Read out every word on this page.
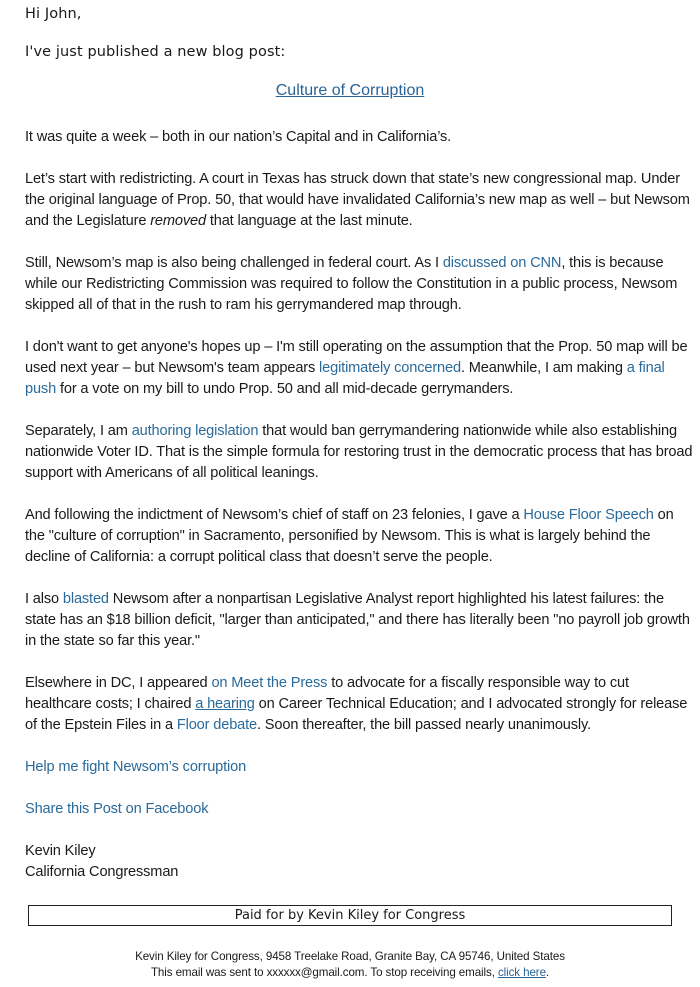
Hi John,
I've just published a new blog post:
Culture of Corruption

It was quite a week – both in our nation’s Capital and in California’s.

Let’s start with redistricting. A court in Texas has struck down that state’s new congressional map. Under the original language of Prop. 50, that would have invalidated California’s new map as well – but Newsom and the Legislature removed that language at the last minute.

Still, Newsom’s map is also being challenged in federal court. As I discussed on CNN, this is because while our Redistricting Commission was required to follow the Constitution in a public process, Newsom skipped all of that in the rush to ram his gerrymandered map through.

I don't want to get anyone's hopes up – I'm still operating on the assumption that the Prop. 50 map will be used next year – but Newsom's team appears legitimately concerned. Meanwhile, I am making a final push for a vote on my bill to undo Prop. 50 and all mid-decade gerrymanders.

Separately, I am authoring legislation that would ban gerrymandering nationwide while also establishing nationwide Voter ID. That is the simple formula for restoring trust in the democratic process that has broad support with Americans of all political leanings.

And following the indictment of Newsom’s chief of staff on 23 felonies, I gave a House Floor Speech on the "culture of corruption" in Sacramento, personified by Newsom. This is what is largely behind the decline of California: a corrupt political class that doesn’t serve the people.

I also blasted Newsom after a nonpartisan Legislative Analyst report highlighted his latest failures: the state has an $18 billion deficit, "larger than anticipated," and there has literally been "no payroll job growth in the state so far this year."

Elsewhere in DC, I appeared on Meet the Press to advocate for a fiscally responsible way to cut healthcare costs; I chaired a hearing on Career Technical Education; and I advocated strongly for release of the Epstein Files in a Floor debate. Soon thereafter, the bill passed nearly unanimously.

Help me fight Newsom’s corruption

Share this Post on Facebook

Kevin Kiley
California Congressman

Paid for by Kevin Kiley for Congress
Kevin Kiley for Congress, 9458 Treelake Road, Granite Bay, CA 95746, United States
This email was sent to xxxxxx@gmail.com. To stop receiving emails, click here.
